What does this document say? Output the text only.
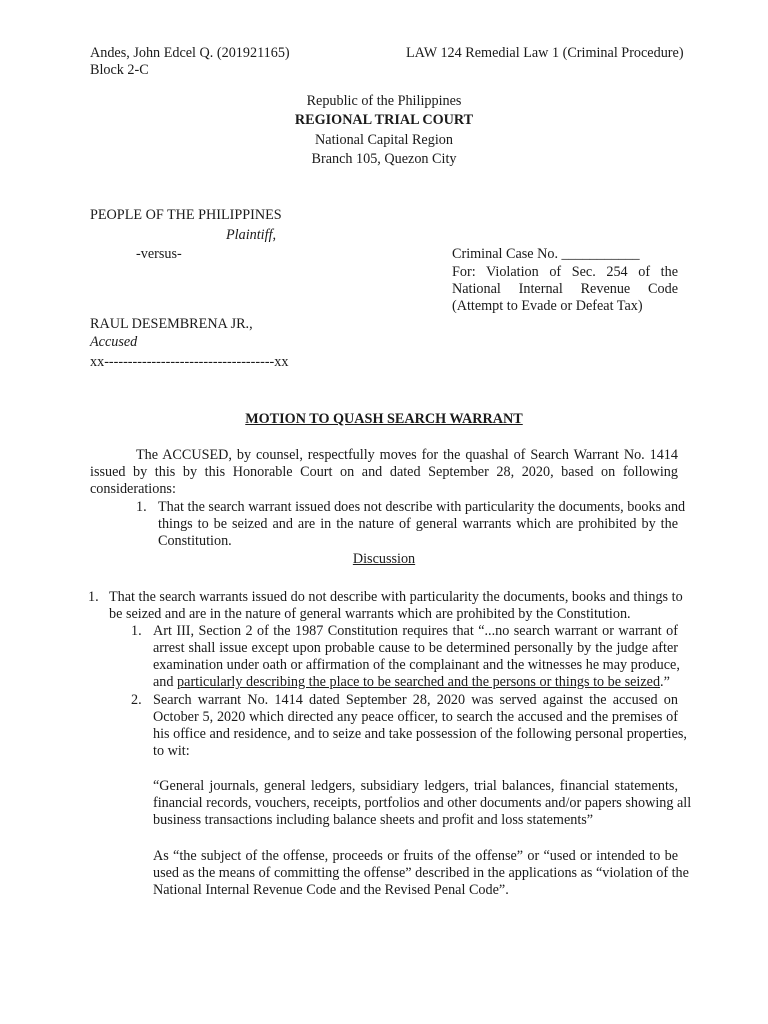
Andes, John Edcel Q. (201921165)
Block 2-C
LAW 124 Remedial Law 1 (Criminal Procedure)
Republic of the Philippines
REGIONAL TRIAL COURT
National Capital Region
Branch 105, Quezon City
PEOPLE OF THE PHILIPPINES
Plaintiff,
-versus-	Criminal Case No. ___________
For: Violation of Sec. 254 of the
National Internal Revenue Code
(Attempt to Evade or Defeat Tax)
RAUL DESEMBRENA JR.,
Accused
xx------------------------------------xx
MOTION TO QUASH SEARCH WARRANT
The ACCUSED, by counsel, respectfully moves for the quashal of Search Warrant No. 1414
issued by this by this Honorable Court on and dated September 28, 2020, based on following
considerations:
1. That the search warrant issued does not describe with particularity the documents, books and
things to be seized and are in the nature of general warrants which are prohibited by the
Constitution.
Discussion
1. That the search warrants issued do not describe with particularity the documents, books and things to
be seized and are in the nature of general warrants which are prohibited by the Constitution.
1. Art III, Section 2 of the 1987 Constitution requires that “...no search warrant or warrant of
arrest shall issue except upon probable cause to be determined personally by the judge after
examination under oath or affirmation of the complainant and the witnesses he may produce,
and particularly describing the place to be searched and the persons or things to be seized.”
2. Search warrant No. 1414 dated September 28, 2020 was served against the accused on
October 5, 2020 which directed any peace officer, to search the accused and the premises of
his office and residence, and to seize and take possession of the following personal properties,
to wit:
“General journals, general ledgers, subsidiary ledgers, trial balances, financial statements,
financial records, vouchers, receipts, portfolios and other documents and/or papers showing all
business transactions including balance sheets and profit and loss statements”
As “the subject of the offense, proceeds or fruits of the offense” or “used or intended to be
used as the means of committing the offense” described in the applications as “violation of the
National Internal Revenue Code and the Revised Penal Code”.
